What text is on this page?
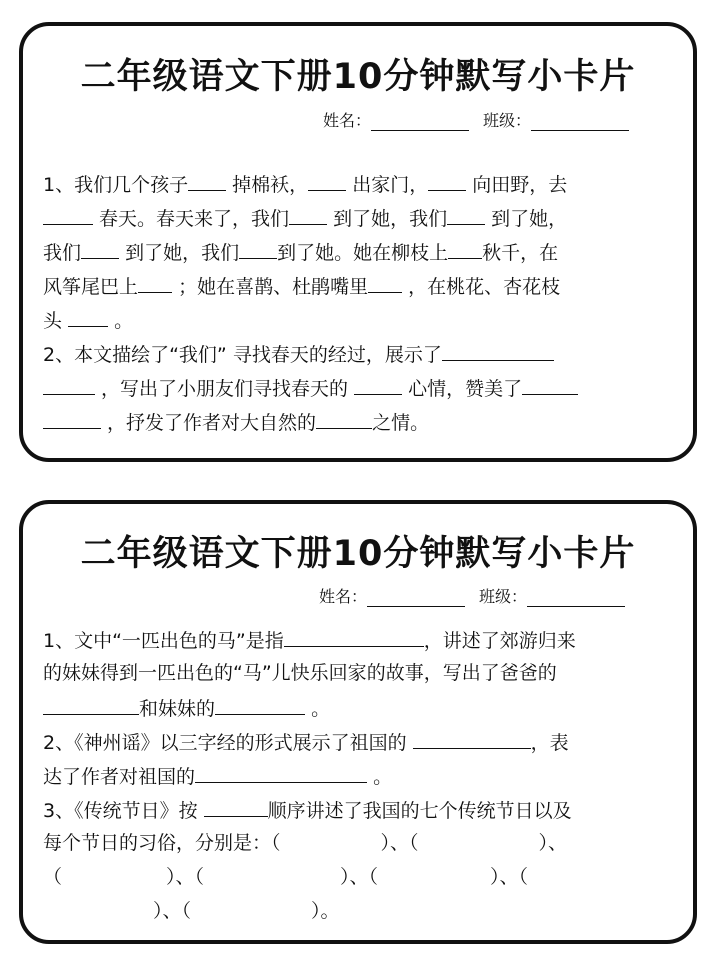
二年级语文下册10分钟默写小卡片
姓名：	班级：
1、我们几个孩子 掉棉袄， 出家门， 向田野，去
春天。春天来了，我们 到了她，我们 到了她，
我们 到了她，我们 到了她。她在柳枝上 秋千，在
风筝尾巴上 ；她在喜鹊、杜鹃嘴里 ，在桃花、杏花枝
头	。
2、本文描绘了“我们” 寻找春天的经过，展示了
，写出了小朋友们寻找春天的	心情，赞美了
，抒发了作者对大自然的	之情。
二年级语文下册10分钟默写小卡片
姓名：	班级：
1、文中“一匹出色的马”是指	，讲述了郊游归来
的妹妹得到一匹出色的“马”儿快乐回家的故事，写出了爸爸的
和妹妹的	。
2、《神州谣》以三字经的形式展示了祖国的	，表
达了作者对祖国的	。
3、《传统节日》按	顺序讲述了我国的七个传统节日以及
每个节日的习俗，分别是：（	）、（	）、
（	）、（	）、（	）、（
）、（	）。
